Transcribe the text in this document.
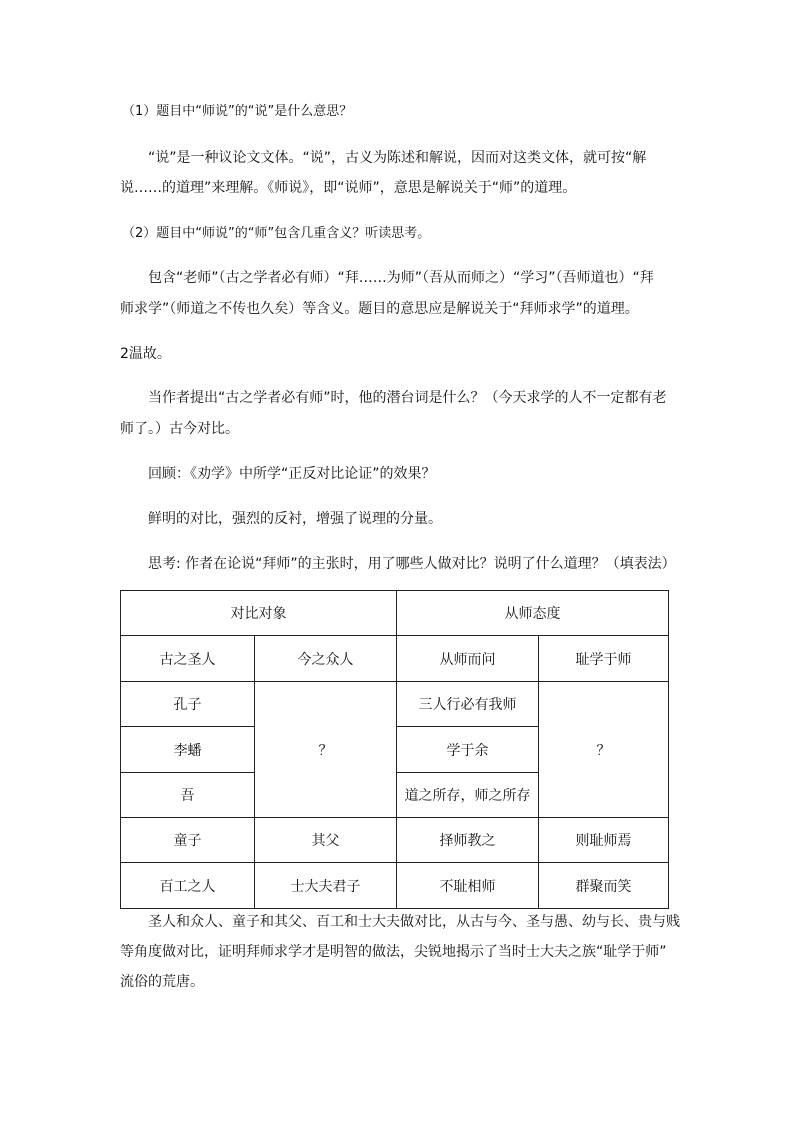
（1）题目中“师说”的“说”是什么意思？

“说”是一种议论文文体。“说”，古义为陈述和解说，因而对这类文体，就可按“解

说……的道理”来理解。《师说》，即“说师”，意思是解说关于“师”的道理。

（2）题目中“师说”的“师”包含几重含义？听读思考。

包含“老师”（古之学者必有师）“拜……为师”（吾从而师之）“学习”（吾师道也）“拜

师求学”（师道之不传也久矣）等含义。题目的意思应是解说关于“拜师求学”的道理。

2温故。

当作者提出“古之学者必有师”时，他的潜台词是什么？（今天求学的人不一定都有老

师了。）古今对比。

回顾：《劝学》中所学“正反对比论证”的效果？

鲜明的对比，强烈的反衬，增强了说理的分量。

思考: 作者在论说“拜师”的主张时，用了哪些人做对比？说明了什么道理？（填表法）

对比对象		从师态度	
古之圣人	今之众人	从师而问	耻学于师
孔子	？	三人行必有我师	？
李蟠		学于余	
吾		道之所存，师之所存	
童子	其父	择师教之	则耻师焉
百工之人	士大夫君子	不耻相师	群聚而笑

圣人和众人、童子和其父、百工和士大夫做对比，从古与今、圣与愚、幼与长、贵与贱

等角度做对比，证明拜师求学才是明智的做法，尖锐地揭示了当时士大夫之族“耻学于师”

流俗的荒唐。
